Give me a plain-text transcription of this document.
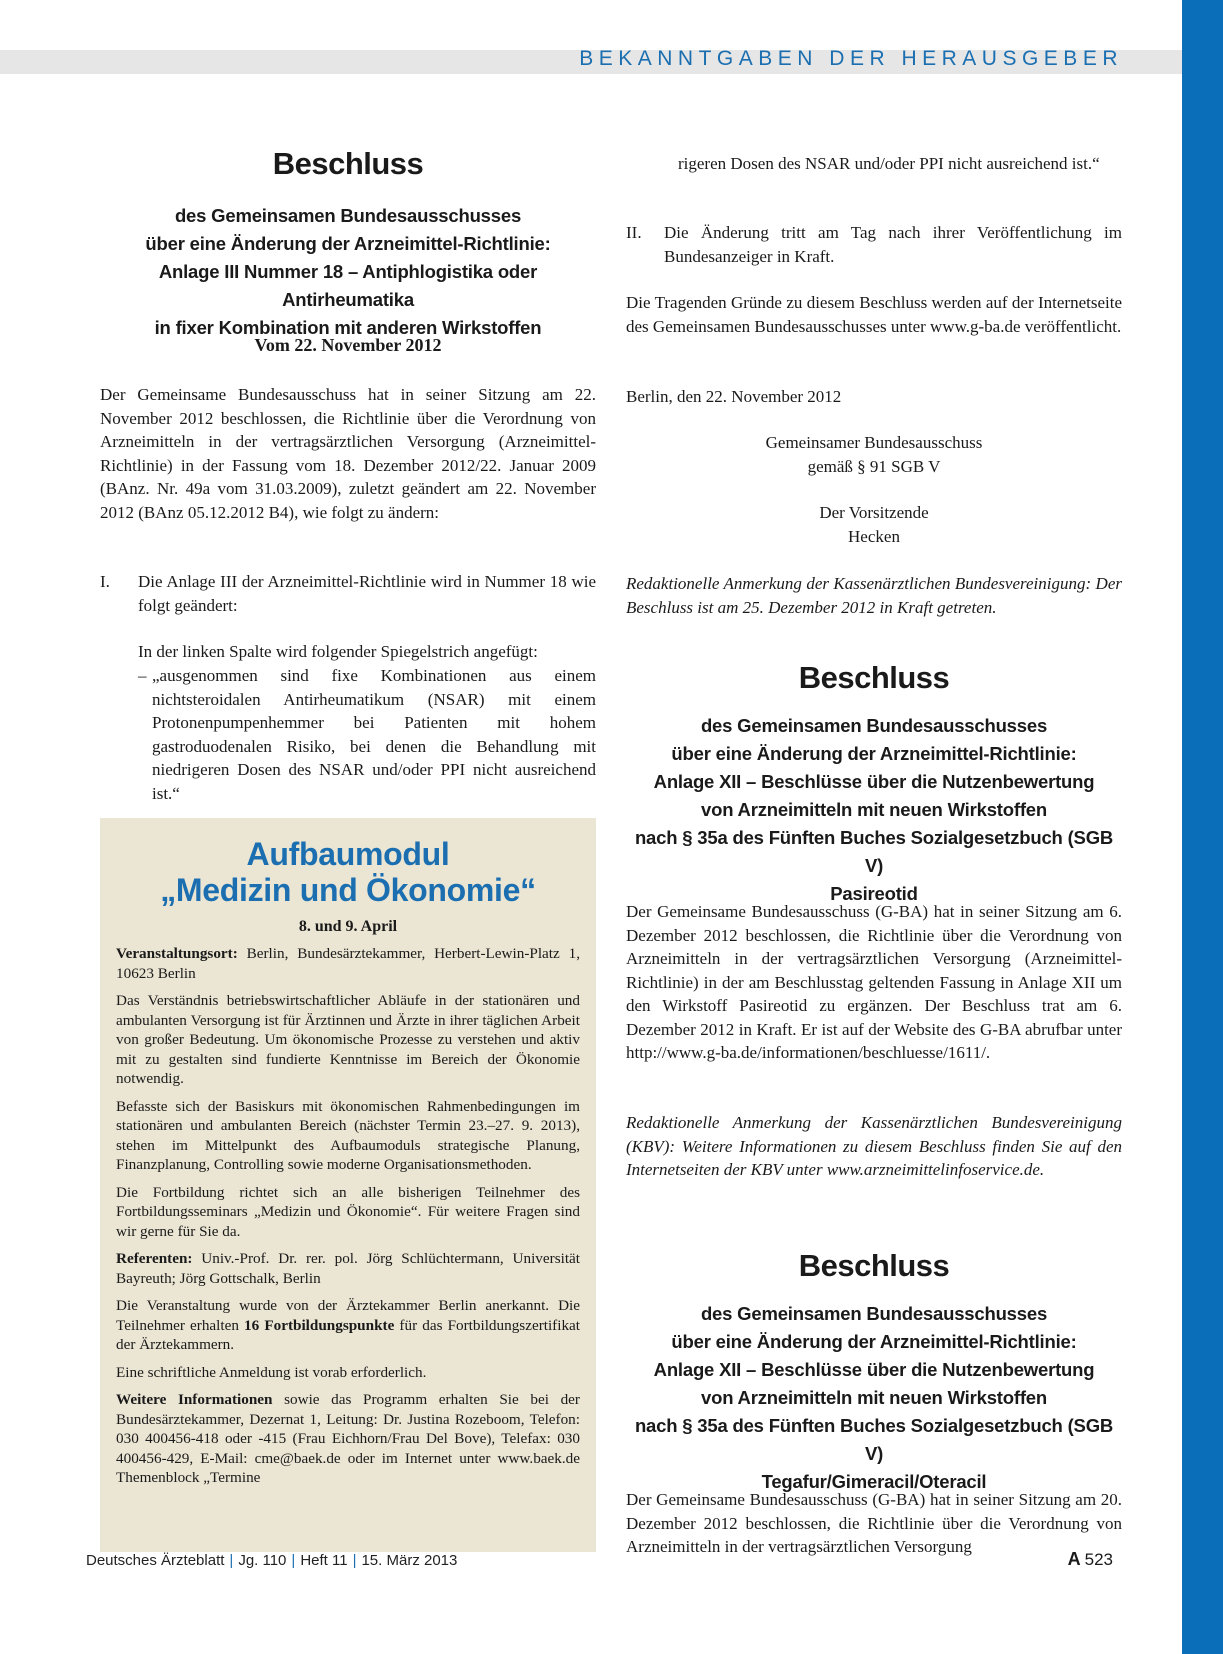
BEKANNTGABEN DER HERAUSGEBER
Beschluss
des Gemeinsamen Bundesausschusses
über eine Änderung der Arzneimittel-Richtlinie:
Anlage III Nummer 18 – Antiphlogistika oder Antirheumatika
in fixer Kombination mit anderen Wirkstoffen
Vom 22. November 2012

Der Gemeinsame Bundesausschuss hat in seiner Sitzung am 22. November 2012 beschlossen, die Richtlinie über die Verordnung von Arzneimitteln in der vertragsärztlichen Versorgung (Arzneimittel-Richtlinie) in der Fassung vom 18. Dezember 2012/22. Januar 2009 (BAnz. Nr. 49a vom 31.03.2009), zuletzt geändert am 22. November 2012 (BAnz 05.12.2012 B4), wie folgt zu ändern:

I. Die Anlage III der Arzneimittel-Richtlinie wird in Nummer 18 wie folgt geändert:
In der linken Spalte wird folgender Spiegelstrich angefügt:
– „ausgenommen sind fixe Kombinationen aus einem nichtsteroidalen Antirheumatikum (NSAR) mit einem Protonenpumpenhemmer bei Patienten mit hohem gastroduodenalen Risiko, bei denen die Behandlung mit niedrigeren Dosen des NSAR und/oder PPI nicht ausreichend ist.“
Aufbaumodul
„Medizin und Ökonomie“
8. und 9. April

Veranstaltungsort: Berlin, Bundesärztekammer, Herbert-Lewin-Platz 1, 10623 Berlin

Das Verständnis betriebswirtschaftlicher Abläufe in der stationären und ambulanten Versorgung ist für Ärztinnen und Ärzte in ihrer täglichen Arbeit von großer Bedeutung. Um ökonomische Prozesse zu verstehen und aktiv mit zu gestalten sind fundierte Kenntnisse im Bereich der Ökonomie notwendig.

Befasste sich der Basiskurs mit ökonomischen Rahmenbedingungen im stationären und ambulanten Bereich (nächster Termin 23.–27. 9. 2013), stehen im Mittelpunkt des Aufbaumoduls strategische Planung, Finanzplanung, Controlling sowie moderne Organisationsmethoden.

Die Fortbildung richtet sich an alle bisherigen Teilnehmer des Fortbildungsseminars „Medizin und Ökonomie“. Für weitere Fragen sind wir gerne für Sie da.

Referenten: Univ.-Prof. Dr. rer. pol. Jörg Schlüchtermann, Universität Bayreuth; Jörg Gottschalk, Berlin

Die Veranstaltung wurde von der Ärztekammer Berlin anerkannt. Die Teilnehmer erhalten 16 Fortbildungspunkte für das Fortbildungszertifikat der Ärztekammern.

Eine schriftliche Anmeldung ist vorab erforderlich.

Weitere Informationen sowie das Programm erhalten Sie bei der Bundesärztekammer, Dezernat 1, Leitung: Dr. Justina Rozeboom, Telefon: 030 400456-418 oder -415 (Frau Eichhorn/Frau Del Bove), Telefax: 030 400456-429, E-Mail: cme@baek.de oder im Internet unter www.baek.de Themenblock „Termine

rigeren Dosen des NSAR und/oder PPI nicht ausreichend ist.“
II. Die Änderung tritt am Tag nach ihrer Veröffentlichung im Bundesanzeiger in Kraft.

Die Tragenden Gründe zu diesem Beschluss werden auf der Internetseite des Gemeinsamen Bundesausschusses unter www.g-ba.de veröffentlicht.

Berlin, den 22. November 2012

Gemeinsamer Bundesausschuss

gemäß § 91 SGB V

Der Vorsitzende

Hecken

Redaktionelle Anmerkung der Kassenärztlichen Bundesvereinigung: Der Beschluss ist am 25. Dezember 2012 in Kraft getreten.

Beschluss
des Gemeinsamen Bundesausschusses
über eine Änderung der Arzneimittel-Richtlinie:
Anlage XII – Beschlüsse über die Nutzenbewertung
von Arzneimitteln mit neuen Wirkstoffen
nach § 35a des Fünften Buches Sozialgesetzbuch (SGB V)
Pasireotid

Der Gemeinsame Bundesausschuss (G-BA) hat in seiner Sitzung am 6. Dezember 2012 beschlossen, die Richtlinie über die Verordnung von Arzneimitteln in der vertragsärztlichen Versorgung (Arzneimittel-Richtlinie) in der am Beschlusstag geltenden Fassung in Anlage XII um den Wirkstoff Pasireotid zu ergänzen. Der Beschluss trat am 6. Dezember 2012 in Kraft. Er ist auf der Website des G-BA abrufbar unter http://www.g-ba.de/informationen/beschluesse/1611/.

Redaktionelle Anmerkung der Kassenärztlichen Bundesvereinigung (KBV): Weitere Informationen zu diesem Beschluss finden Sie auf den Internetseiten der KBV unter www.arzneimittelinfoservice.de.

Beschluss
des Gemeinsamen Bundesausschusses
über eine Änderung der Arzneimittel-Richtlinie:
Anlage XII – Beschlüsse über die Nutzenbewertung
von Arzneimitteln mit neuen Wirkstoffen
nach § 35a des Fünften Buches Sozialgesetzbuch (SGB V)
Tegafur/Gimeracil/Oteracil

Der Gemeinsame Bundesausschuss (G-BA) hat in seiner Sitzung am 20. Dezember 2012 beschlossen, die Richtlinie über die Verordnung von Arzneimitteln in der vertragsärztlichen Versorgung

Deutsches Ärzteblatt | Jg. 110 | Heft 11 | 15. März 2013	A 523
